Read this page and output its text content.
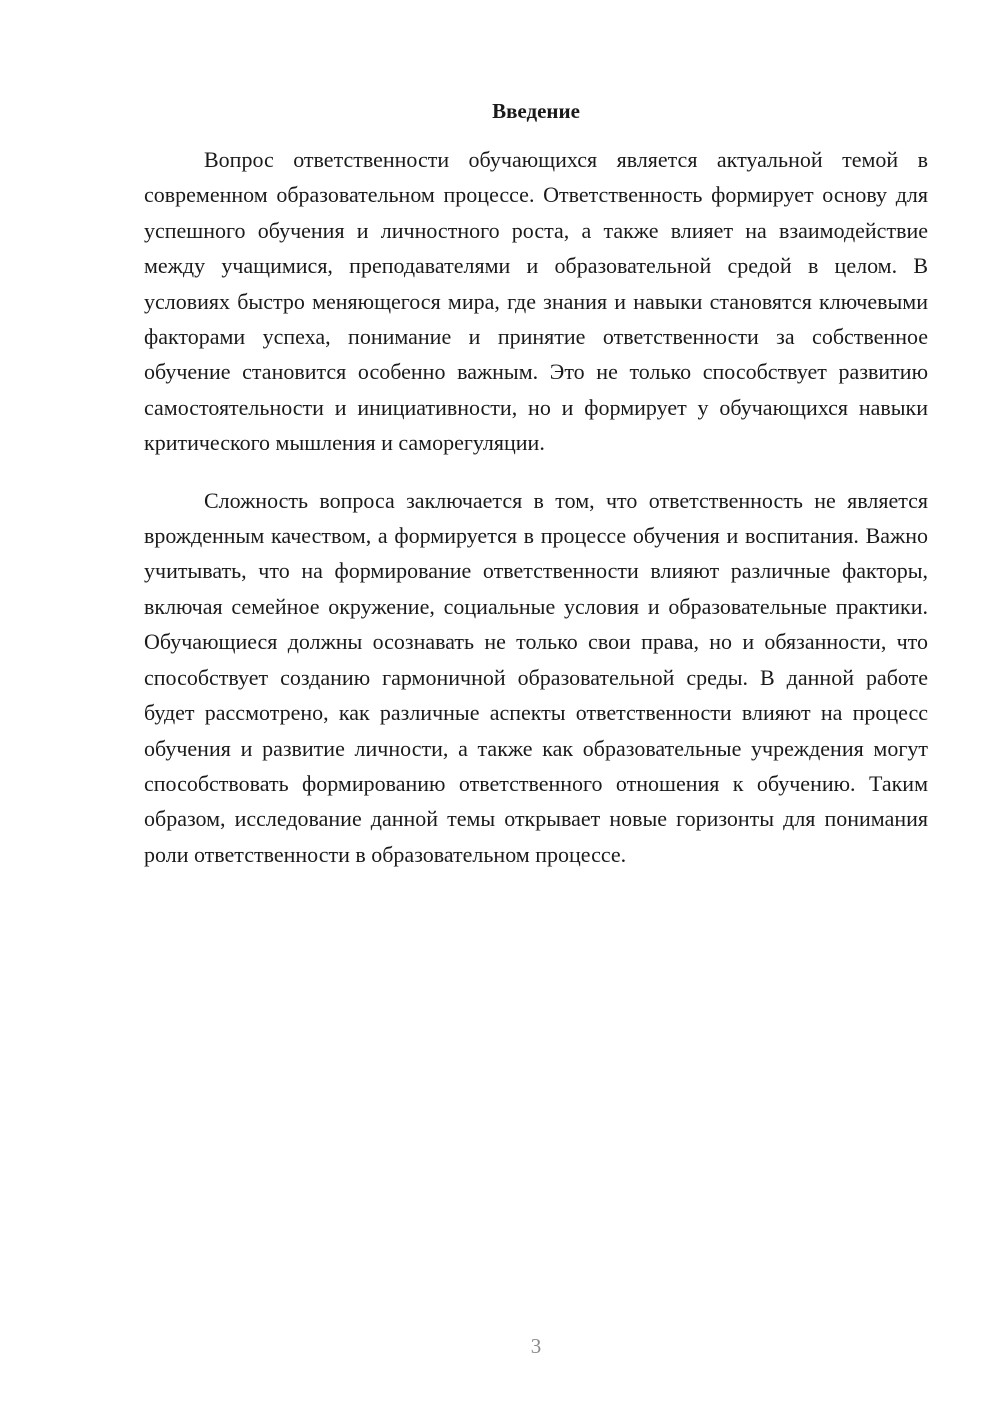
Введение

Вопрос ответственности обучающихся является актуальной темой в современном образовательном процессе. Ответственность формирует основу для успешного обучения и личностного роста, а также влияет на взаимодействие между учащимися, преподавателями и образовательной средой в целом. В условиях быстро меняющегося мира, где знания и навыки становятся ключевыми факторами успеха, понимание и принятие ответственности за собственное обучение становится особенно важным. Это не только способствует развитию самостоятельности и инициативности, но и формирует у обучающихся навыки критического мышления и саморегуляции.

Сложность вопроса заключается в том, что ответственность не является врожденным качеством, а формируется в процессе обучения и воспитания. Важно учитывать, что на формирование ответственности влияют различные факторы, включая семейное окружение, социальные условия и образовательные практики. Обучающиеся должны осознавать не только свои права, но и обязанности, что способствует созданию гармоничной образовательной среды. В данной работе будет рассмотрено, как различные аспекты ответственности влияют на процесс обучения и развитие личности, а также как образовательные учреждения могут способствовать формированию ответственного отношения к обучению. Таким образом, исследование данной темы открывает новые горизонты для понимания роли ответственности в образовательном процессе.

3
